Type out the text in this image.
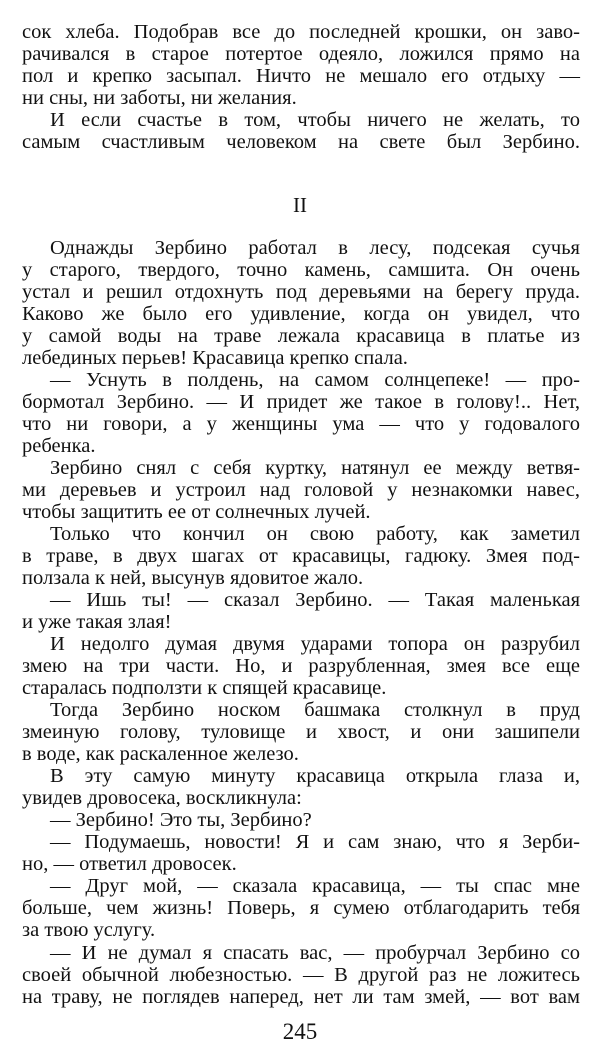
сок хлеба. Подобрав все до последней крошки, он заво-
рачивался в старое потертое одеяло, ложился прямо на
пол и крепко засыпал. Ничто не мешало его отдыху —
ни сны, ни заботы, ни желания.
И если счастье в том, чтобы ничего не желать, то
самым счастливым человеком на свете был Зербино.
II
Однажды Зербино работал в лесу, подсекая сучья
у старого, твердого, точно камень, самшита. Он очень
устал и решил отдохнуть под деревьями на берегу пруда.
Каково же было его удивление, когда он увидел, что
у самой воды на траве лежала красавица в платье из
лебединых перьев! Красавица крепко спала.
— Уснуть в полдень, на самом солнцепеке! — про-
бормотал Зербино. — И придет же такое в голову!.. Нет,
что ни говори, а у женщины ума — что у годовалого
ребенка.
Зербино снял с себя куртку, натянул ее между ветвя-
ми деревьев и устроил над головой у незнакомки навес,
чтобы защитить ее от солнечных лучей.
Только что кончил он свою работу, как заметил
в траве, в двух шагах от красавицы, гадюку. Змея под-
ползала к ней, высунув ядовитое жало.
— Ишь ты! — сказал Зербино. — Такая маленькая
и уже такая злая!
И недолго думая двумя ударами топора он разрубил
змею на три части. Но, и разрубленная, змея все еще
старалась подползти к спящей красавице.
Тогда Зербино носком башмака столкнул в пруд
змеиную голову, туловище и хвост, и они зашипели
в воде, как раскаленное железо.
В эту самую минуту красавица открыла глаза и,
увидев дровосека, воскликнула:
— Зербино! Это ты, Зербино?
— Подумаешь, новости! Я и сам знаю, что я Зерби-
но, — ответил дровосек.
— Друг мой, — сказала красавица, — ты спас мне
больше, чем жизнь! Поверь, я сумею отблагодарить тебя
за твою услугу.
— И не думал я спасать вас, — пробурчал Зербино со
своей обычной любезностью. — В другой раз не ложитесь
на траву, не поглядев наперед, нет ли там змей, — вот вам
245
